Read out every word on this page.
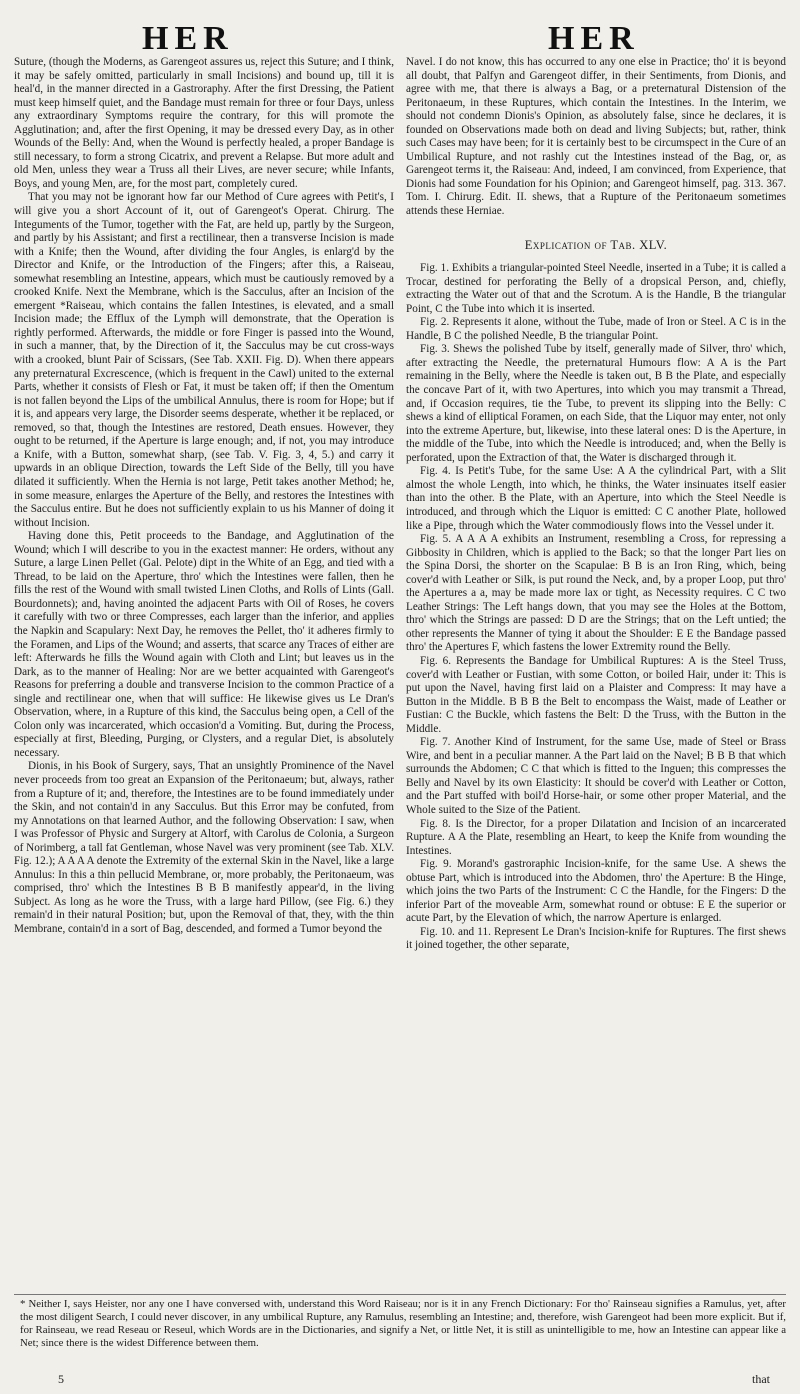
HER	HER

Suture, (though the Moderns, as Garengeot assures us, reject this Suture; and I think, it may be safely omitted, particularly in small Incisions) and bound up, till it is heal'd, in the manner directed in a Gastroraphy. After the first Dressing, the Patient must keep himself quiet, and the Bandage must remain for three or four Days, unless any extraordinary Symptoms require the contrary, for this will promote the Agglutination; and, after the first Opening, it may be dressed every Day, as in other Wounds of the Belly: And, when the Wound is perfectly healed, a proper Bandage is still necessary, to form a strong Cicatrix, and prevent a Relapse. But more adult and old Men, unless they wear a Truss all their Lives, are never secure; while Infants, Boys, and young Men, are, for the most part, completely cured.

That you may not be ignorant how far our Method of Cure agrees with Petit's, I will give you a short Account of it, out of Garengeot's Operat. Chirurg. The Integuments of the Tumor, together with the Fat, are held up, partly by the Surgeon, and partly by his Assistant; and first a rectilinear, then a transverse Incision is made with a Knife; then the Wound, after dividing the four Angles, is enlarg'd by the Director and Knife, or the Introduction of the Fingers; after this, a Raiseau, somewhat resembling an Intestine, appears, which must be cautiously removed by a crooked Knife. Next the Membrane, which is the Sacculus, after an Incision of the emergent *Raiseau, which contains the fallen Intestines, is elevated, and a small Incision made; the Efflux of the Lymph will demonstrate, that the Operation is rightly performed. Afterwards, the middle or fore Finger is passed into the Wound, in such a manner, that, by the Direction of it, the Sacculus may be cut cross-ways with a crooked, blunt Pair of Scissars, (See Tab. XXII. Fig. D). When there appears any preternatural Excrescence, (which is frequent in the Cawl) united to the external Parts, whether it consists of Flesh or Fat, it must be taken off; if then the Omentum is not fallen beyond the Lips of the umbilical Annulus, there is room for Hope; but if it is, and appears very large, the Disorder seems desperate, whether it be replaced, or removed, so that, though the Intestines are restored, Death ensues. However, they ought to be returned, if the Aperture is large enough; and, if not, you may introduce a Knife, with a Button, somewhat sharp, (see Tab. V. Fig. 3, 4, 5.) and carry it upwards in an oblique Direction, towards the Left Side of the Belly, till you have dilated it sufficiently. When the Hernia is not large, Petit takes another Method; he, in some measure, enlarges the Aperture of the Belly, and restores the Intestines with the Sacculus entire. But he does not sufficiently explain to us his Manner of doing it without Incision.

Having done this, Petit proceeds to the Bandage, and Agglutination of the Wound; which I will describe to you in the exactest manner: He orders, without any Suture, a large Linen Pellet (Gal. Pelote) dipt in the White of an Egg, and tied with a Thread, to be laid on the Aperture, thro' which the Intestines were fallen, then he fills the rest of the Wound with small twisted Linen Cloths, and Rolls of Lints (Gall. Bourdonnets); and, having anointed the adjacent Parts with Oil of Roses, he covers it carefully with two or three Compresses, each larger than the inferior, and applies the Napkin and Scapulary: Next Day, he removes the Pellet, tho' it adheres firmly to the Foramen, and Lips of the Wound; and asserts, that scarce any Traces of either are left: Afterwards he fills the Wound again with Cloth and Lint; but leaves us in the Dark, as to the manner of Healing: Nor are we better acquainted with Garengeot's Reasons for preferring a double and transverse Incision to the common Practice of a single and rectilinear one, when that will suffice: He likewise gives us Le Dran's Observation, where, in a Rupture of this kind, the Sacculus being open, a Cell of the Colon only was incarcerated, which occasion'd a Vomiting. But, during the Process, especially at first, Bleeding, Purging, or Clysters, and a regular Diet, is absolutely necessary.

Dionis, in his Book of Surgery, says, That an unsightly Prominence of the Navel never proceeds from too great an Expansion of the Peritonaeum; but, always, rather from a Rupture of it; and, therefore, the Intestines are to be found immediately under the Skin, and not contain'd in any Sacculus. But this Error may be confuted, from my Annotations on that learned Author, and the following Observation: I saw, when I was Professor of Physic and Surgery at Altorf, with Carolus de Colonia, a Surgeon of Norimberg, a tall fat Gentleman, whose Navel was very prominent (see Tab. XLV. Fig. 12.); A A A A denote the Extremity of the external Skin in the Navel, like a large Annulus: In this a thin pellucid Membrane, or, more probably, the Peritonaeum, was comprised, thro' which the Intestines B B B manifestly appear'd, in the living Subject. As long as he wore the Truss, with a large hard Pillow, (see Fig. 6.) they remain'd in their natural Position; but, upon the Removal of that, they, with the thin Membrane, contain'd in a sort of Bag, descended, and formed a Tumor beyond the

Navel. I do not know, this has occurred to any one else in Practice; tho' it is beyond all doubt, that Palfyn and Garengeot differ, in their Sentiments, from Dionis, and agree with me, that there is always a Bag, or a preternatural Distension of the Peritonaeum, in these Ruptures, which contain the Intestines. In the Interim, we should not condemn Dionis's Opinion, as absolutely false, since he declares, it is founded on Observations made both on dead and living Subjects; but, rather, think such Cases may have been; for it is certainly best to be circumspect in the Cure of an Umbilical Rupture, and not rashly cut the Intestines instead of the Bag, or, as Garengeot terms it, the Raiseau: And, indeed, I am convinced, from Experience, that Dionis had some Foundation for his Opinion; and Garengeot himself, pag. 313. 367. Tom. I. Chirurg. Edit. II. shews, that a Rupture of the Peritonaeum sometimes attends these Herniae.

Explication of Tab. XLV.

Fig. 1. Exhibits a triangular-pointed Steel Needle, inserted in a Tube; it is called a Trocar, destined for perforating the Belly of a dropsical Person, and, chiefly, extracting the Water out of that and the Scrotum. A is the Handle, B the triangular Point, C the Tube into which it is inserted.

Fig. 2. Represents it alone, without the Tube, made of Iron or Steel. A C is in the Handle, B C the polished Needle, B the triangular Point.

Fig. 3. Shews the polished Tube by itself, generally made of Silver, thro' which, after extracting the Needle, the preternatural Humours flow: A A is the Part remaining in the Belly, where the Needle is taken out, B B the Plate, and especially the concave Part of it, with two Apertures, into which you may transmit a Thread, and, if Occasion requires, tie the Tube, to prevent its slipping into the Belly: C shews a kind of elliptical Foramen, on each Side, that the Liquor may enter, not only into the extreme Aperture, but, likewise, into these lateral ones: D is the Aperture, in the middle of the Tube, into which the Needle is introduced; and, when the Belly is perforated, upon the Extraction of that, the Water is discharged through it.

Fig. 4. Is Petit's Tube, for the same Use: A A the cylindrical Part, with a Slit almost the whole Length, into which, he thinks, the Water insinuates itself easier than into the other. B the Plate, with an Aperture, into which the Steel Needle is introduced, and through which the Liquor is emitted: C C another Plate, hollowed like a Pipe, through which the Water commodiously flows into the Vessel under it.

Fig. 5. A A A A exhibits an Instrument, resembling a Cross, for repressing a Gibbosity in Children, which is applied to the Back; so that the longer Part lies on the Spina Dorsi, the shorter on the Scapulae: B B is an Iron Ring, which, being cover'd with Leather or Silk, is put round the Neck, and, by a proper Loop, put thro' the Apertures a a, may be made more lax or tight, as Necessity requires. C C two Leather Strings: The Left hangs down, that you may see the Holes at the Bottom, thro' which the Strings are passed: D D are the Strings; that on the Left untied; the other represents the Manner of tying it about the Shoulder: E E the Bandage passed thro' the Apertures F, which fastens the lower Extremity round the Belly.

Fig. 6. Represents the Bandage for Umbilical Ruptures: A is the Steel Truss, cover'd with Leather or Fustian, with some Cotton, or boiled Hair, under it: This is put upon the Navel, having first laid on a Plaister and Compress: It may have a Button in the Middle. B B B the Belt to encompass the Waist, made of Leather or Fustian: C the Buckle, which fastens the Belt: D the Truss, with the Button in the Middle.

Fig. 7. Another Kind of Instrument, for the same Use, made of Steel or Brass Wire, and bent in a peculiar manner. A the Part laid on the Navel; B B B that which surrounds the Abdomen; C C that which is fitted to the Inguen; this compresses the Belly and Navel by its own Elasticity: It should be cover'd with Leather or Cotton, and the Part stuffed with boil'd Horse-hair, or some other proper Material, and the Whole suited to the Size of the Patient.

Fig. 8. Is the Director, for a proper Dilatation and Incision of an incarcerated Rupture. A A the Plate, resembling an Heart, to keep the Knife from wounding the Intestines.

Fig. 9. Morand's gastroraphic Incision-knife, for the same Use. A shews the obtuse Part, which is introduced into the Abdomen, thro' the Aperture: B the Hinge, which joins the two Parts of the Instrument: C C the Handle, for the Fingers: D the inferior Part of the moveable Arm, somewhat round or obtuse: E E the superior or acute Part, by the Elevation of which, the narrow Aperture is enlarged.

Fig. 10. and 11. Represent Le Dran's Incision-knife for Ruptures. The first shews it joined together, the other separate,

* Neither I, says Heister, nor any one I have conversed with, understand this Word Raiseau; nor is it in any French Dictionary: For tho' Rainseau signifies a Ramulus, yet, after the most diligent Search, I could never discover, in any umbilical Rupture, any Ramulus, resembling an Intestine; and, therefore, wish Garengeot had been more explicit. But if, for Rainseau, we read Reseau or Reseul, which Words are in the Dictionaries, and signify a Net, or little Net, it is still as unintelligible to me, how an Intestine can appear like a Net; since there is the widest Difference between them.
5	that
